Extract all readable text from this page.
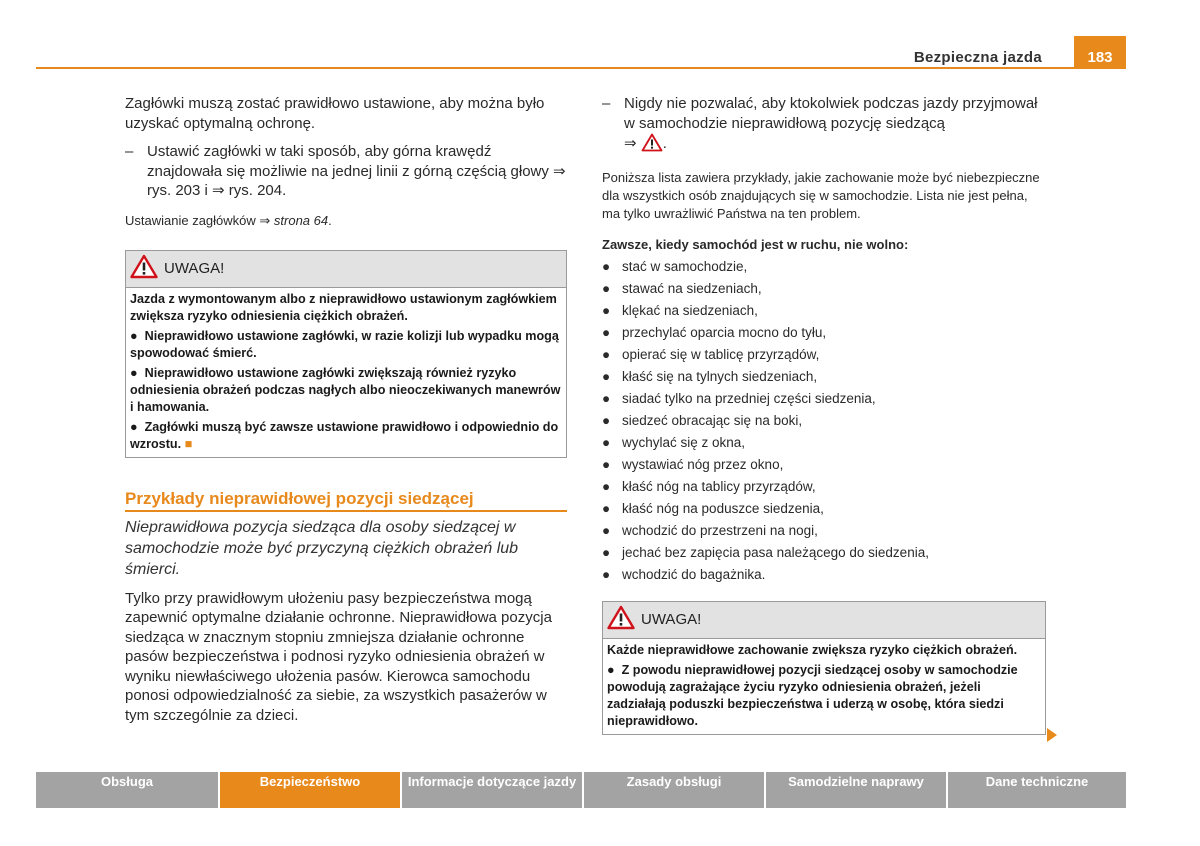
Bezpieczna jazda	183

Zagłówki muszą zostać prawidłowo ustawione, aby można było uzyskać optymalną ochronę.

– Ustawić zagłówki w taki sposób, aby górna krawędź znajdowała się możliwie na jednej linii z górną częścią głowy ⇒ rys. 203 i ⇒ rys. 204.

Ustawianie zagłówków ⇒ strona 64.

UWAGA!

Jazda z wymontowanym albo z nieprawidłowo ustawionym zagłówkiem zwiększa ryzyko odniesienia ciężkich obrażeń.

● Nieprawidłowo ustawione zagłówki, w razie kolizji lub wypadku mogą spowodować śmierć.

● Nieprawidłowo ustawione zagłówki zwiększają również ryzyko odniesienia obrażeń podczas nagłych albo nieoczekiwanych manewrów i hamowania.

● Zagłówki muszą być zawsze ustawione prawidłowo i odpowiednio do wzrostu. ■

Przykłady nieprawidłowej pozycji siedzącej

Nieprawidłowa pozycja siedząca dla osoby siedzącej w samochodzie może być przyczyną ciężkich obrażeń lub śmierci.

Tylko przy prawidłowym ułożeniu pasy bezpieczeństwa mogą zapewnić optymalne działanie ochronne. Nieprawidłowa pozycja siedząca w znacznym stopniu zmniejsza działanie ochronne pasów bezpieczeństwa i podnosi ryzyko odniesienia obrażeń w wyniku niewłaściwego ułożenia pasów. Kierowca samochodu ponosi odpowiedzialność za siebie, za wszystkich pasażerów w tym szczególnie za dzieci.

– Nigdy nie pozwalać, aby ktokolwiek podczas jazdy przyjmował w samochodzie nieprawidłową pozycję siedzącą
⇒ .

Poniższa lista zawiera przykłady, jakie zachowanie może być niebezpieczne dla wszystkich osób znajdujących się w samochodzie. Lista nie jest pełna, ma tylko uwrażliwić Państwa na ten problem.

Zawsze, kiedy samochód jest w ruchu, nie wolno:

● stać w samochodzie,
● stawać na siedzeniach,
● klękać na siedzeniach,
● przechylać oparcia mocno do tyłu,
● opierać się w tablicę przyrządów,
● kłaść się na tylnych siedzeniach,
● siadać tylko na przedniej części siedzenia,
● siedzeć obracając się na boki,
● wychylać się z okna,
● wystawiać nóg przez okno,
● kłaść nóg na tablicy przyrządów,
● kłaść nóg na poduszce siedzenia,
● wchodzić do przestrzeni na nogi,
● jechać bez zapięcia pasa należącego do siedzenia,
● wchodzić do bagażnika.
UWAGA!

Każde nieprawidłowe zachowanie zwiększa ryzyko ciężkich obrażeń.

● Z powodu nieprawidłowej pozycji siedzącej osoby w samochodzie powodują zagrażające życiu ryzyko odniesienia obrażeń, jeżeli zadziałają poduszki bezpieczeństwa i uderzą w osobę, która siedzi nieprawidłowo.

Obsługa	Bezpieczeństwo	Informacje dotyczące jazdy	Zasady obsługi	Samodzielne naprawy	Dane techniczne
